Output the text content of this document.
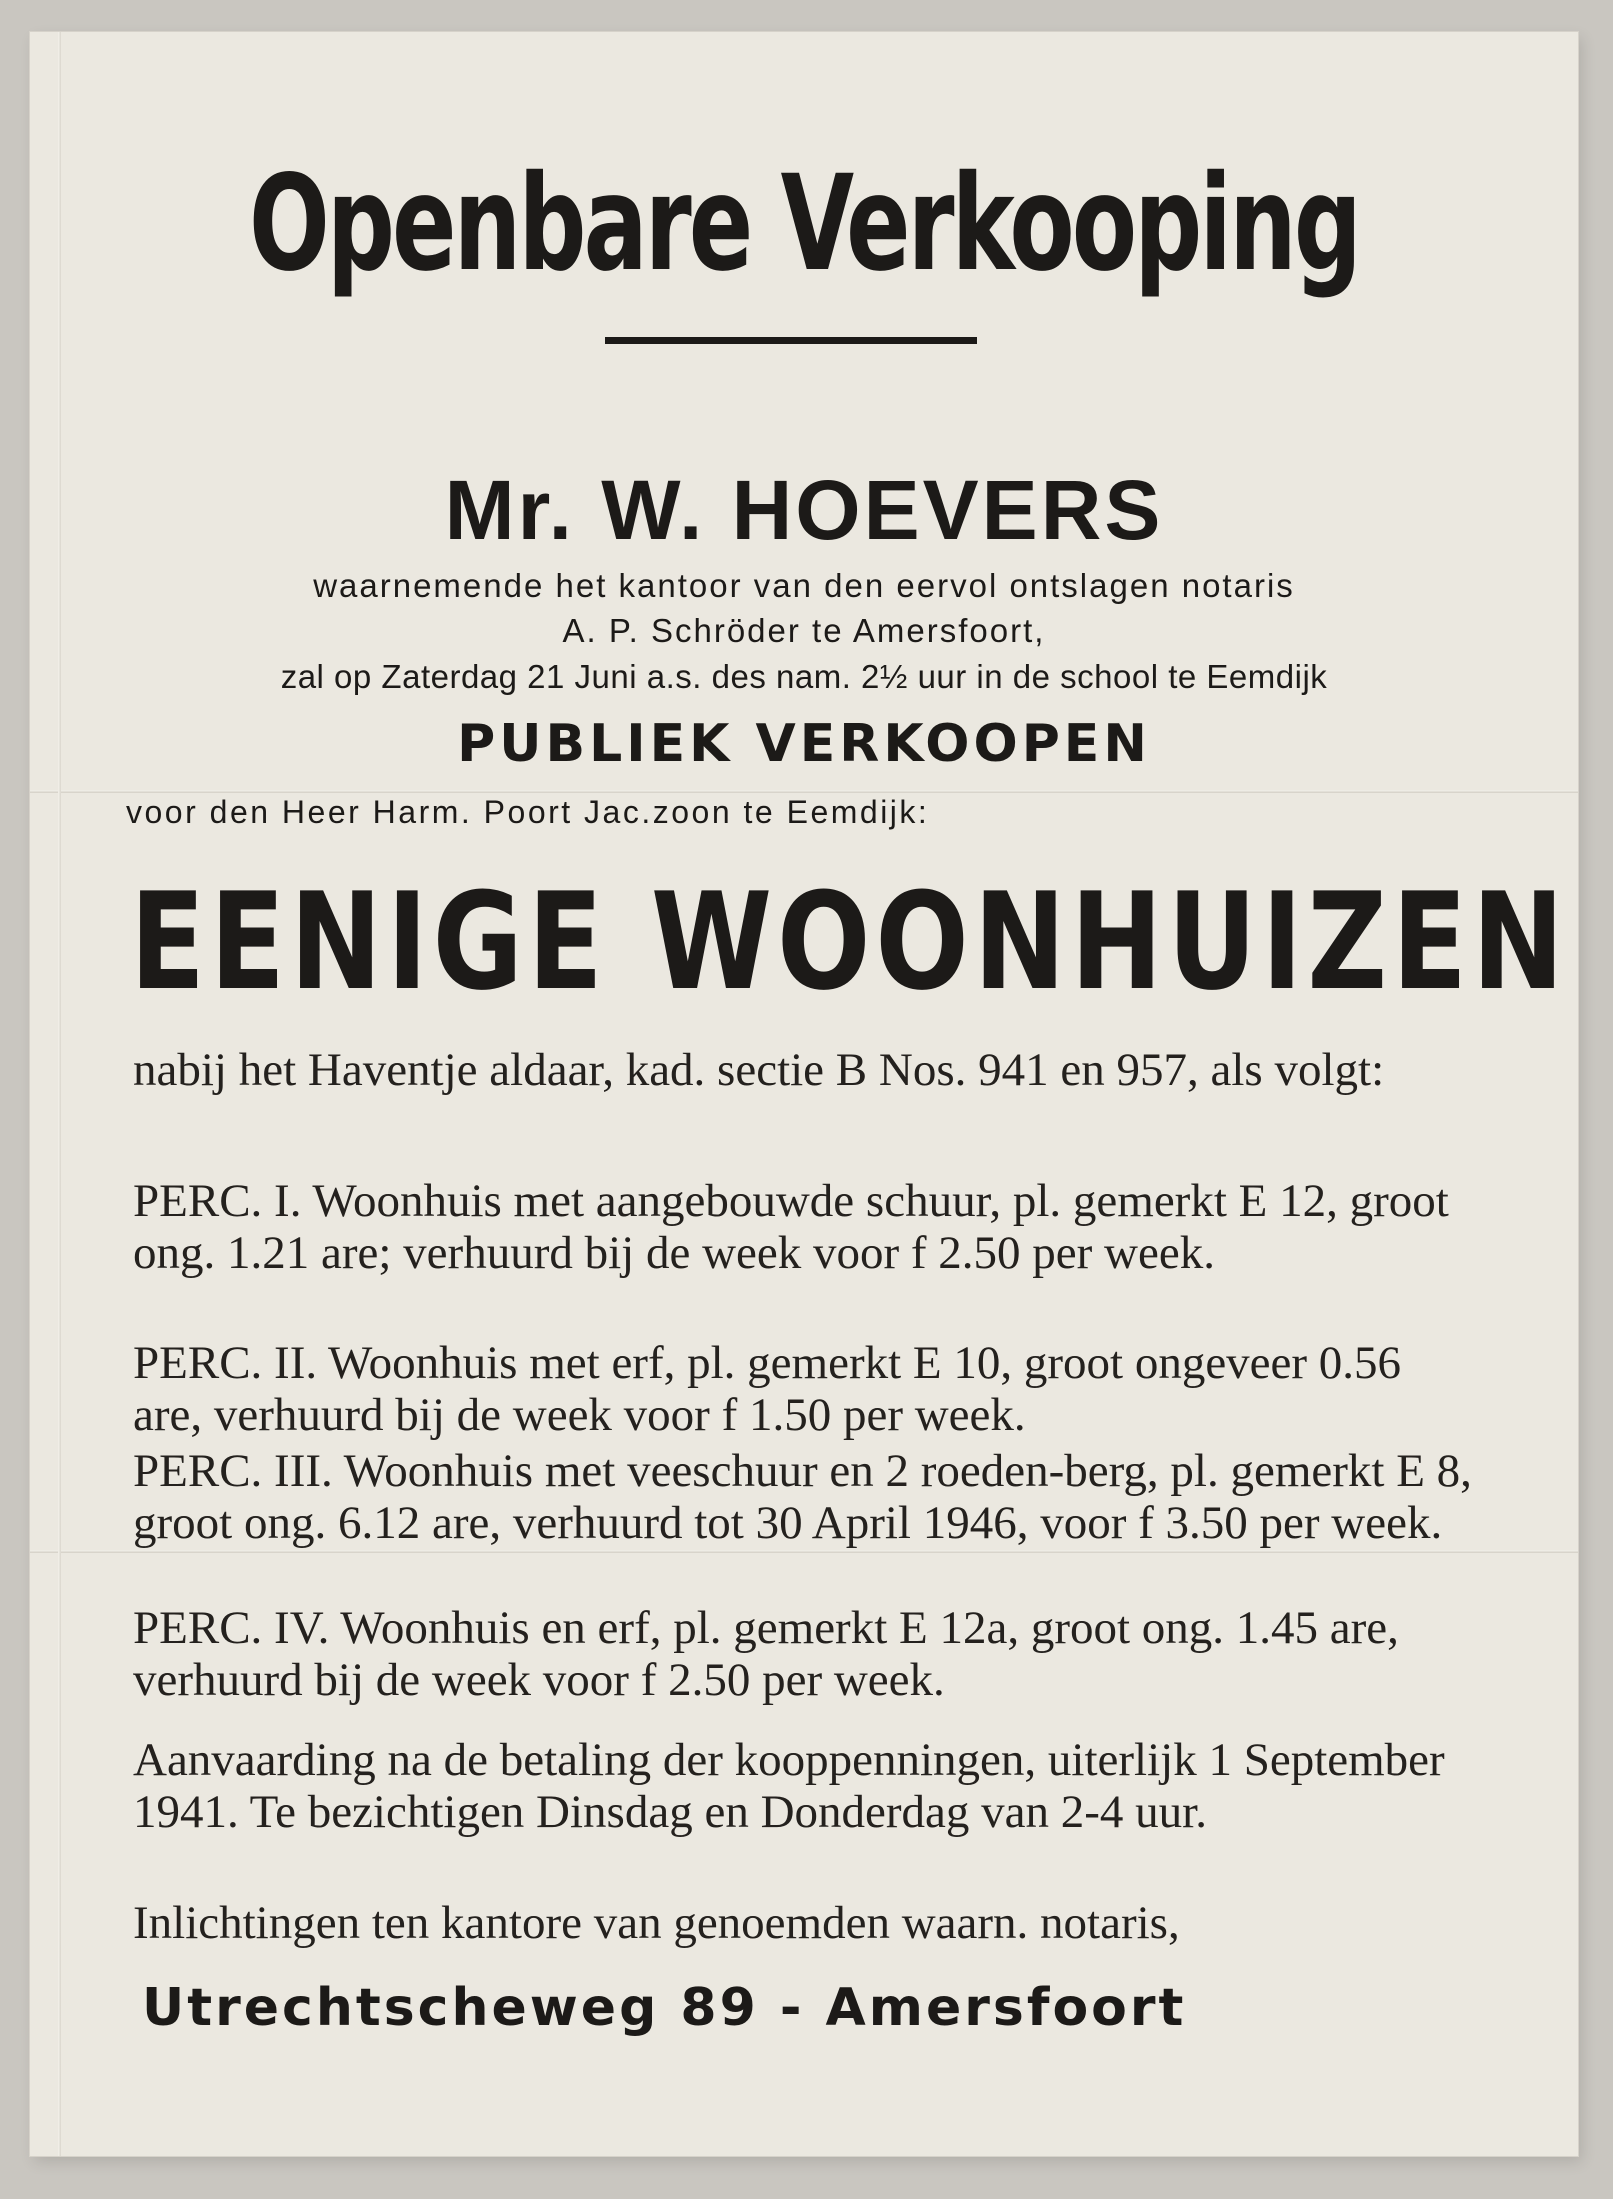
Openbare Verkooping
Mr. W. HOEVERS
waarnemende het kantoor van den eervol ontslagen notaris
A. P. Schröder te Amersfoort,
zal op Zaterdag 21 Juni a.s. des nam. 2½ uur in de school te Eemdijk
PUBLIEK VERKOOPEN
voor den Heer Harm. Poort Jac.zoon te Eemdijk:
EENIGE WOONHUIZEN
nabij het Haventje aldaar, kad. sectie B Nos. 941 en 957, als volgt:
PERC. I. Woonhuis met aangebouwde schuur, pl. gemerkt E 12, groot ong. 1.21 are; verhuurd bij de week voor f 2.50 per week.
PERC. II. Woonhuis met erf, pl. gemerkt E 10, groot ongeveer 0.56 are, verhuurd bij de week voor f 1.50 per week.
PERC. III. Woonhuis met veeschuur en 2 roeden-berg, pl. gemerkt E 8, groot ong. 6.12 are, verhuurd tot 30 April 1946, voor f 3.50 per week.
PERC. IV. Woonhuis en erf, pl. gemerkt E 12a, groot ong. 1.45 are, verhuurd bij de week voor f 2.50 per week.
Aanvaarding na de betaling der kooppenningen, uiterlijk 1 September 1941. Te bezichtigen Dinsdag en Donderdag van 2-4 uur.
Inlichtingen ten kantore van genoemden waarn. notaris,
Utrechtscheweg 89 - Amersfoort
